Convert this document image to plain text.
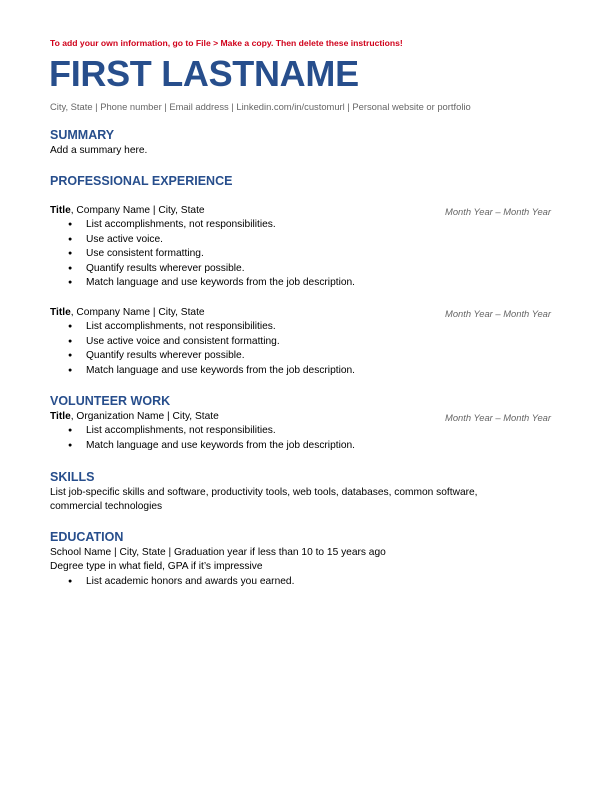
To add your own information, go to File > Make a copy. Then delete these instructions!
FIRST LASTNAME
City, State | Phone number | Email address | Linkedin.com/in/customurl | Personal website or portfolio
SUMMARY
Add a summary here.
PROFESSIONAL EXPERIENCE
Title, Company Name | City, State	Month Year – Month Year
● List accomplishments, not responsibilities.
● Use active voice.
● Use consistent formatting.
● Quantify results wherever possible.
● Match language and use keywords from the job description.
Title, Company Name | City, State	Month Year – Month Year
● List accomplishments, not responsibilities.
● Use active voice and consistent formatting.
● Quantify results wherever possible.
● Match language and use keywords from the job description.
VOLUNTEER WORK
Title, Organization Name | City, State	Month Year – Month Year
● List accomplishments, not responsibilities.
● Match language and use keywords from the job description.
SKILLS
List job-specific skills and software, productivity tools, web tools, databases, common software,
commercial technologies
EDUCATION
School Name | City, State | Graduation year if less than 10 to 15 years ago
Degree type in what field, GPA if it’s impressive
● List academic honors and awards you earned.
